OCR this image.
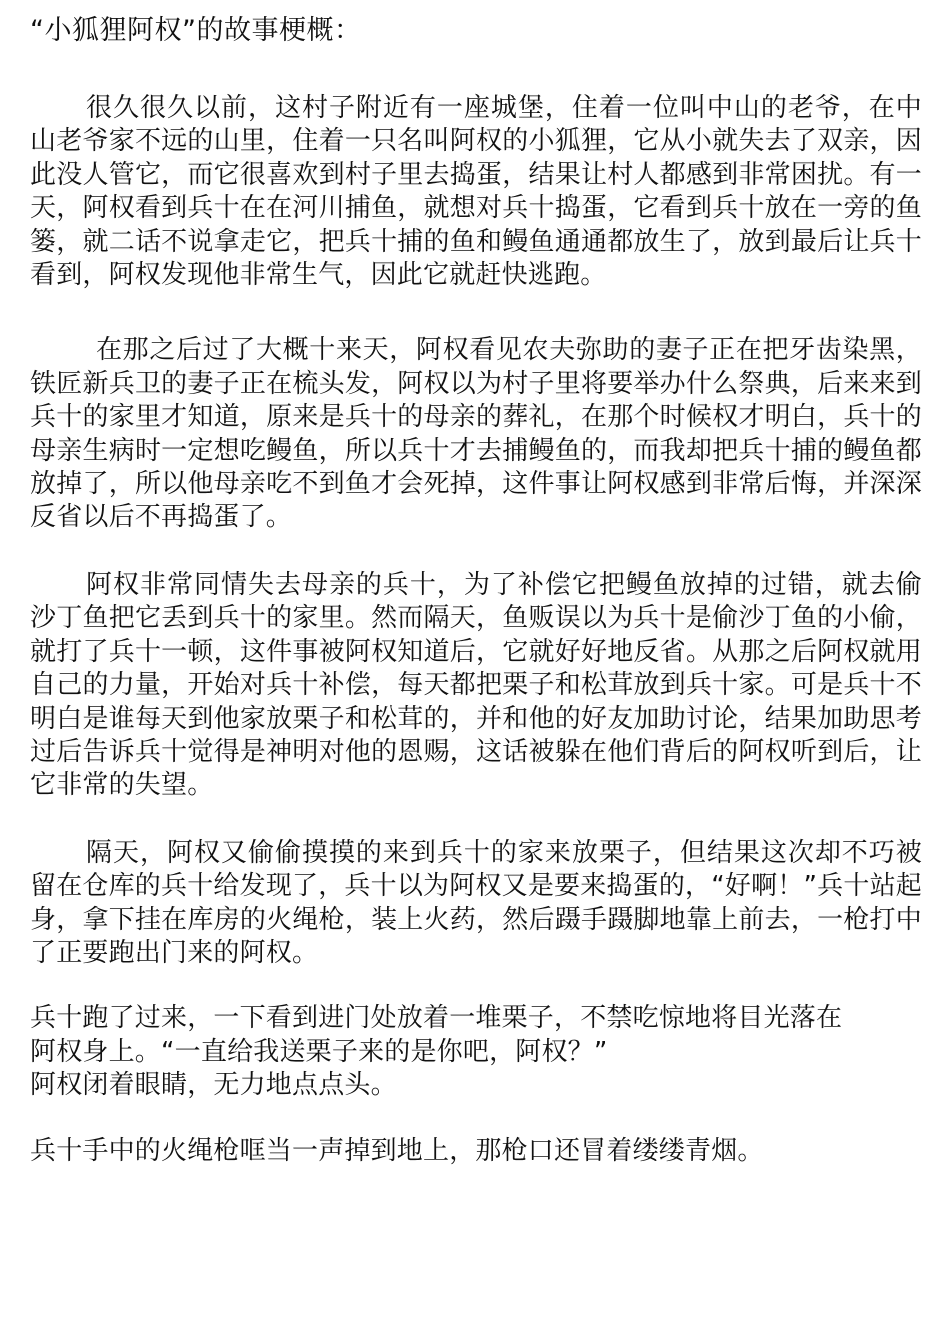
“小狐狸阿权”的故事梗概：

很久很久以前，这村子附近有一座城堡，住着一位叫中山的老爷，在中山老爷家不远的山里，住着一只名叫阿权的小狐狸，它从小就失去了双亲，因此没人管它，而它很喜欢到村子里去捣蛋，结果让村人都感到非常困扰。有一天，阿权看到兵十在在河川捕鱼，就想对兵十捣蛋，它看到兵十放在一旁的鱼篓，就二话不说拿走它，把兵十捕的鱼和鳗鱼通通都放生了，放到最后让兵十看到，阿权发现他非常生气，因此它就赶快逃跑。

在那之后过了大概十来天，阿权看见农夫弥助的妻子正在把牙齿染黑，铁匠新兵卫的妻子正在梳头发，阿权以为村子里将要举办什么祭典，后来来到兵十的家里才知道，原来是兵十的母亲的葬礼，在那个时候权才明白，兵十的母亲生病时一定想吃鳗鱼，所以兵十才去捕鳗鱼的，而我却把兵十捕的鳗鱼都放掉了，所以他母亲吃不到鱼才会死掉，这件事让阿权感到非常后悔，并深深反省以后不再捣蛋了。

阿权非常同情失去母亲的兵十，为了补偿它把鳗鱼放掉的过错，就去偷沙丁鱼把它丢到兵十的家里。然而隔天，鱼贩误以为兵十是偷沙丁鱼的小偷，就打了兵十一顿，这件事被阿权知道后，它就好好地反省。从那之后阿权就用自己的力量，开始对兵十补偿，每天都把栗子和松茸放到兵十家。可是兵十不明白是谁每天到他家放栗子和松茸的，并和他的好友加助讨论，结果加助思考过后告诉兵十觉得是神明对他的恩赐，这话被躲在他们背后的阿权听到后，让它非常的失望。

隔天，阿权又偷偷摸摸的来到兵十的家来放栗子，但结果这次却不巧被留在仓库的兵十给发现了，兵十以为阿权又是要来捣蛋的，“好啊！”兵十站起身，拿下挂在库房的火绳枪，装上火药，然后蹑手蹑脚地靠上前去，一枪打中了正要跑出门来的阿权。

兵十跑了过来，一下看到进门处放着一堆栗子，不禁吃惊地将目光落在
阿权身上。“一直给我送栗子来的是你吧，阿权？”
阿权闭着眼睛，无力地点点头。

兵十手中的火绳枪哐当一声掉到地上，那枪口还冒着缕缕青烟。
